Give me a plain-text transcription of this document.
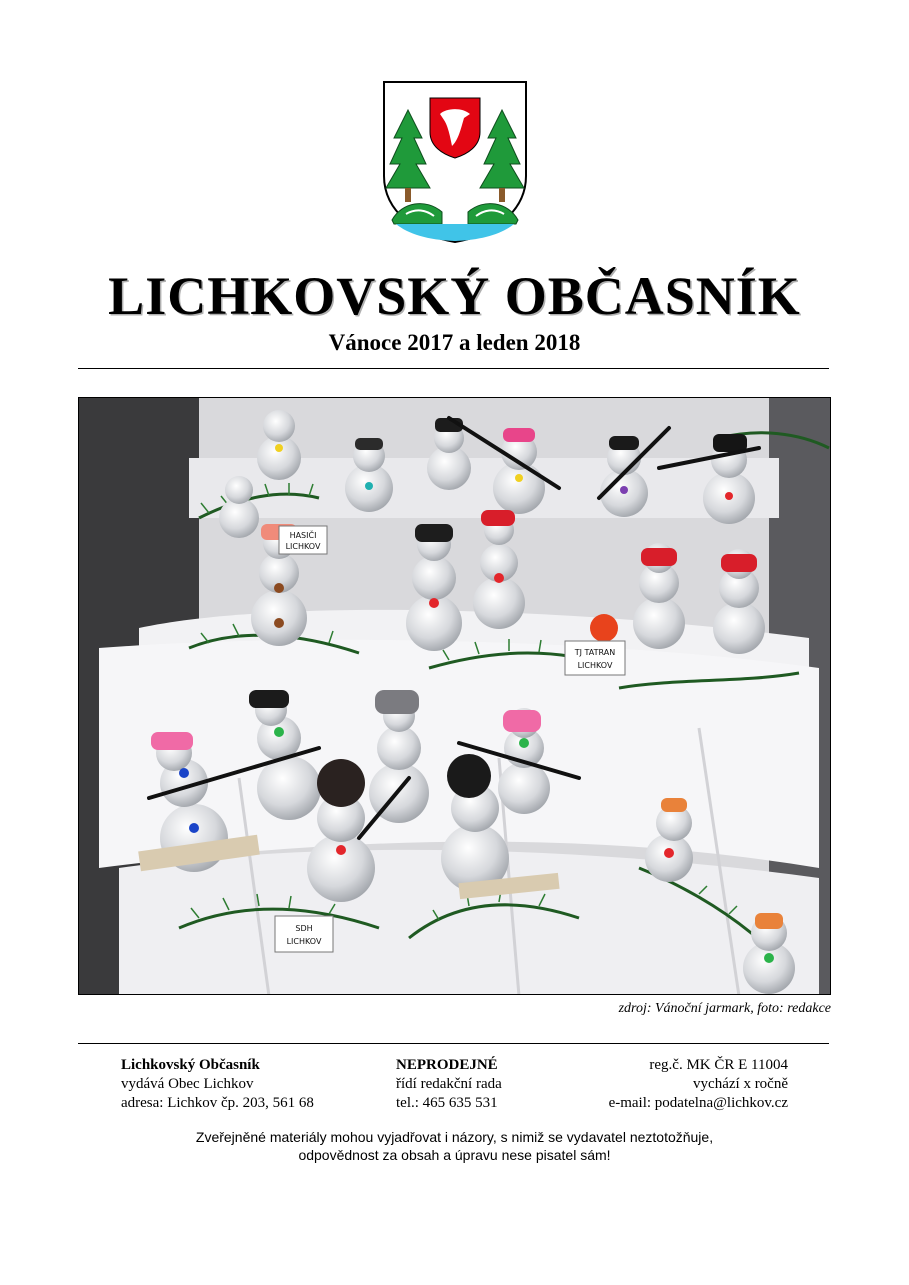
LICHKOVSKÝ OBČASNÍK
Vánoce 2017 a leden 2018
HASIČI
LICHKOV
TJ TATRAN
LICHKOV
SDH
LICHKOV
zdroj: Vánoční jarmark, foto: redakce
Lichkovský Občasník
vydává Obec Lichkov
adresa: Lichkov čp. 203, 561 68
NEPRODEJNÉ
řídí redakční rada
tel.: 465 635 531
reg.č. MK ČR E 11004
vychází x ročně
e-mail: podatelna@lichkov.cz
Zveřejněné materiály mohou vyjadřovat i názory, s nimiž se vydavatel neztotožňuje,
odpovědnost za obsah a úpravu nese pisatel sám!
